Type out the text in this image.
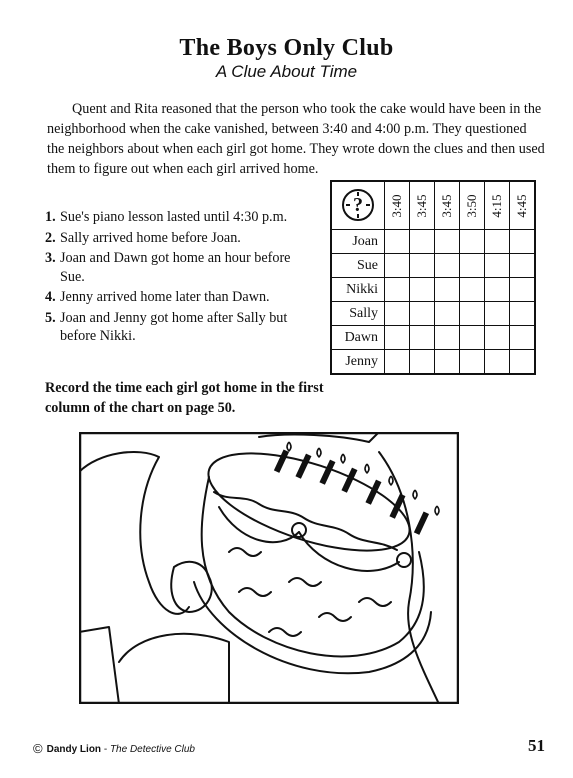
The Boys Only Club
A Clue About Time

Quent and Rita reasoned that the person who took the cake would have been in the neighborhood when the cake vanished, between 3:40 and 4:00 p.m. They questioned the neighbors about when each girl got home. They wrote down the clues and then used them to figure out when each girl arrived home.

1. Sue's piano lesson lasted until 4:30 p.m.
2. Sally arrived home before Joan.
3. Joan and Dawn got home an hour before Sue.
4. Jenny arrived home later than Dawn.
5. Joan and Jenny got home after Sally but before Nikki.
Record the time each girl got home in the first column of the chart on page 50.
?	3:40	3:45	3:45	3:50	4:15	4:45

Joan						
Sue						
Nikki						
Sally						
Dawn						
Jenny						
© Dandy Lion - The Detective Club	51
